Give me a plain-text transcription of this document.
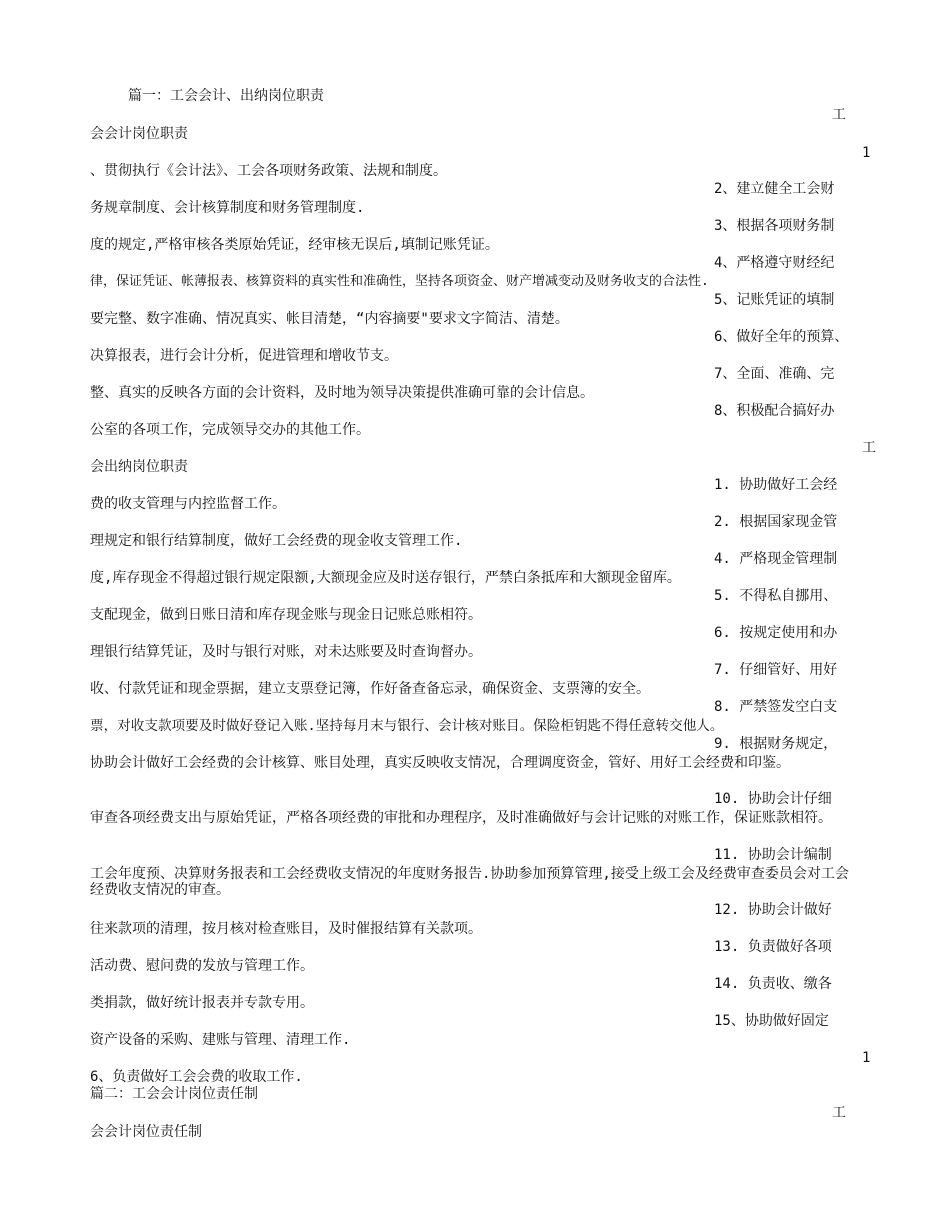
篇一：工会会计、出纳岗位职责
工
会会计岗位职责
1
、贯彻执行《会计法》、工会各项财务政策、法规和制度。
2、建立健全工会财
务规章制度、会计核算制度和财务管理制度.
3、根据各项财务制
度的规定,严格审核各类原始凭证，经审核无误后,填制记账凭证。
4、严格遵守财经纪
律，保证凭证、帐薄报表、核算资料的真实性和准确性，坚持各项资金、财产增减变动及财务收支的合法性.
5、记账凭证的填制
要完整、数字准确、情况真实、帐目清楚，“内容摘要"要求文字简洁、清楚。
6、做好全年的预算、
决算报表，进行会计分析，促进管理和增收节支。
7、全面、准确、完
整、真实的反映各方面的会计资料，及时地为领导决策提供准确可靠的会计信息。
8、积极配合搞好办
公室的各项工作，完成领导交办的其他工作。
工
会出纳岗位职责
1. 协助做好工会经
费的收支管理与内控监督工作。
2. 根据国家现金管
理规定和银行结算制度，做好工会经费的现金收支管理工作.
4. 严格现金管理制
度,库存现金不得超过银行规定限额,大额现金应及时送存银行，严禁白条抵库和大额现金留库。
5. 不得私自挪用、
支配现金，做到日账日清和库存现金账与现金日记账总账相符。
6. 按规定使用和办
理银行结算凭证，及时与银行对账，对未达账要及时查询督办。
7. 仔细管好、用好
收、付款凭证和现金票据，建立支票登记簿，作好备查备忘录，确保资金、支票簿的安全。
8. 严禁签发空白支
票，对收支款项要及时做好登记入账.坚持每月末与银行、会计核对账目。保险柜钥匙不得任意转交他人。
9. 根据财务规定，
协助会计做好工会经费的会计核算、账目处理，真实反映收支情况，合理调度资金，管好、用好工会经费和印鉴。
10. 协助会计仔细
审查各项经费支出与原始凭证，严格各项经费的审批和办理程序，及时准确做好与会计记账的对账工作，保证账款相符。
11. 协助会计编制
工会年度预、决算财务报表和工会经费收支情况的年度财务报告.协助参加预算管理,接受上级工会及经费审查委员会对工会经费收支情况的审查。
12. 协助会计做好
往来款项的清理，按月核对检查账目，及时催报结算有关款项。
13. 负责做好各项
活动费、慰问费的发放与管理工作。
14. 负责收、缴各
类捐款，做好统计报表并专款专用。
15、协助做好固定
资产设备的采购、建账与管理、清理工作.
1
6、负责做好工会会费的收取工作.
篇二：工会会计岗位责任制
工
会会计岗位责任制
